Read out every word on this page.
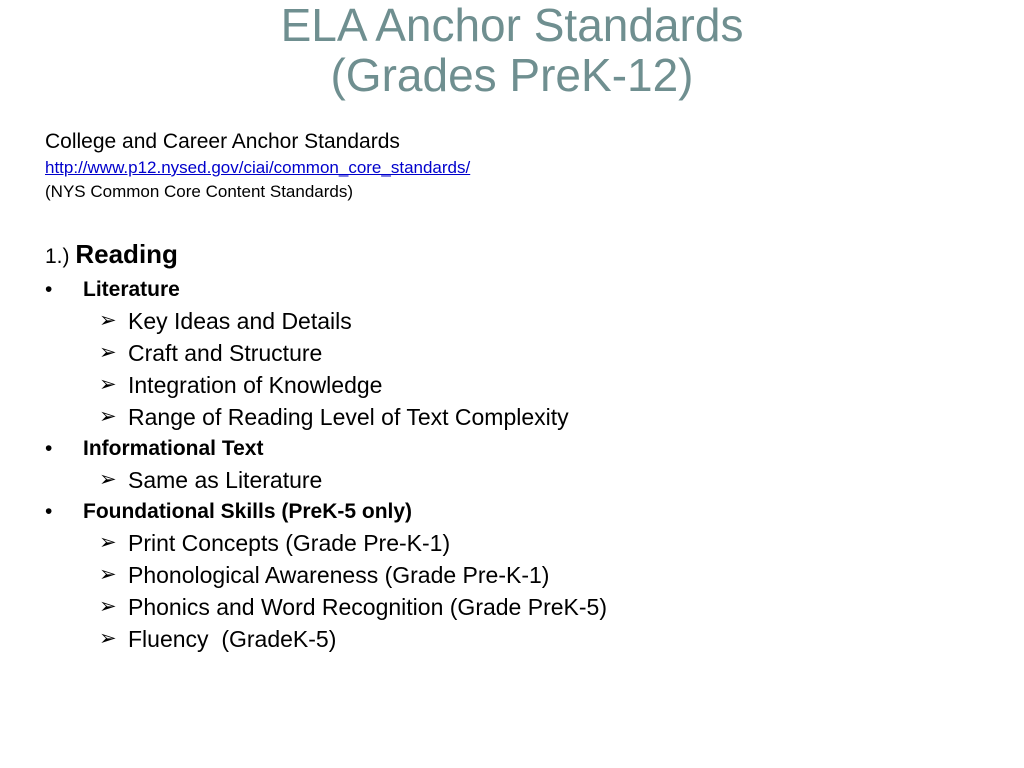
ELA Anchor Standards
(Grades PreK-12)
College and Career Anchor Standards
http://www.p12.nysed.gov/ciai/common_core_standards/
(NYS Common Core Content Standards)
1.) Reading
•	Literature
➢ Key Ideas and Details
➢ Craft and Structure
➢ Integration of Knowledge
➢ Range of Reading Level of Text Complexity
•	Informational Text
➢ Same as Literature
•	Foundational Skills (PreK-5 only)
➢ Print Concepts (Grade Pre-K-1)
➢ Phonological Awareness (Grade Pre-K-1)
➢ Phonics and Word Recognition (Grade PreK-5)
➢ Fluency  (GradeK-5)
